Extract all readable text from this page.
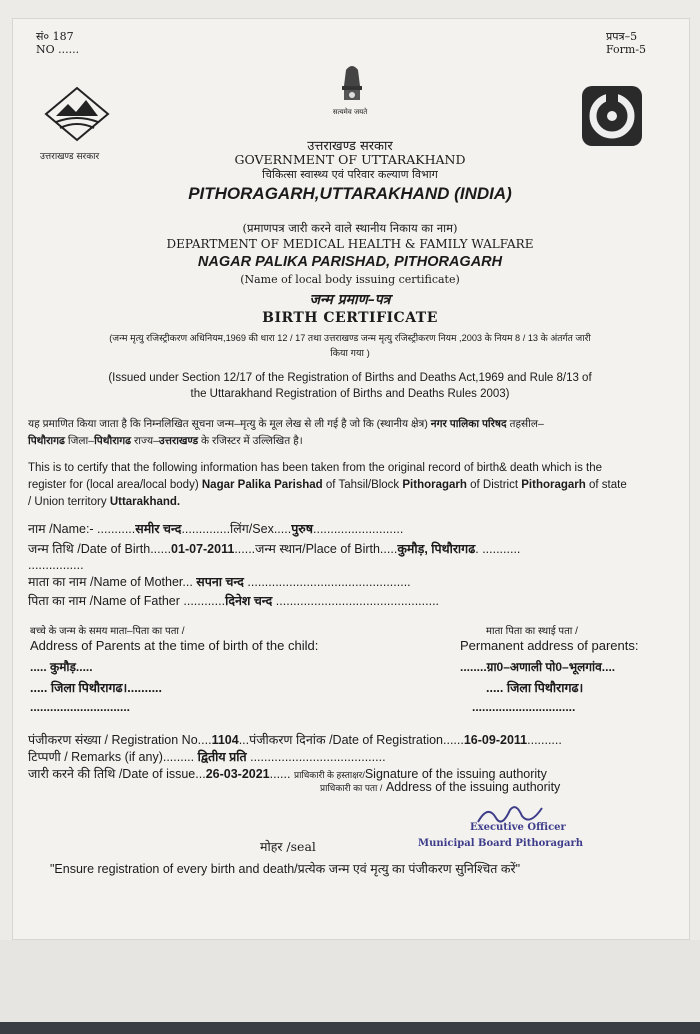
सं० 187
NO ......
प्रपत्र–5
Form-5
सत्यमेव जयते
उत्तराखण्ड सरकार
उत्तराखण्ड सरकार
GOVERNMENT OF UTTARAKHAND
चिकित्सा स्वास्थ्य एवं परिवार कल्याण विभाग
PITHORAGARH,UTTARAKHAND (INDIA)
(प्रमाणपत्र जारी करने वाले स्थानीय निकाय का नाम)
DEPARTMENT OF MEDICAL HEALTH & FAMILY WALFARE
NAGAR PALIKA PARISHAD, PITHORAGARH
(Name of local body issuing certificate)
जन्म प्रमाण–पत्र
BIRTH CERTIFICATE
(जन्म मृत्यु रजिस्ट्रीकरण अधिनियम,1969 की धारा 12 / 17 तथा उत्तराखण्ड जन्म मृत्यु रजिस्ट्रीकरण नियम ,2003 के नियम 8 / 13 के अंतर्गत जारी
किया गया )
(Issued under Section 12/17 of the Registration of Births and Deaths Act,1969 and Rule 8/13 of
the Uttarakhand Registration of Births and Deaths Rules 2003)
यह प्रमाणित किया जाता है कि निम्नलिखित सूचना जन्म–मृत्यु के मूल लेख से ली गई है जो कि (स्थानीय क्षेत्र) नगर पालिका परिषद तहसील–
पिथौरागढ जिला–पिथौरागढ राज्य–उत्तराखण्ड के रजिस्टर में उल्लिखित है।
This is to certify that the following information has been taken from the original record of birth& death which is the
register for (local area/local body) Nagar Palika Parishad of Tahsil/Block Pithoragarh of District Pithoragarh of state
/ Union territory Uttarakhand.
नाम /Name:- ...........समीर चन्द..............लिंग/Sex.....पुरुष..........................
जन्म तिथि /Date of Birth......01-07-2011......जन्म स्थान/Place of Birth.....कुमौड़, पिथौरागढ. ...........
................
माता का नाम /Name of Mother... सपना चन्द ...............................................
पिता का नाम /Name of Father ............दिनेश चन्द ...............................................
बच्चे के जन्म के समय माता–पिता का पता /
Address of Parents at the time of birth of the child:
..... कुमौड़.....
..... जिला पिथौरागढ।..........
..............................
माता पिता का स्थाई पता /
Permanent address of parents:
........ग्रा0–अणाली पो0–भूलगांव....
..... जिला पिथौरागढ।
...............................
पंजीकरण संख्या / Registration No....1104...पंजीकरण दिनांक /Date of Registration......16-09-2011..........
टिप्पणी / Remarks (if any)......... द्वितीय प्रति .......................................
जारी करने की तिथि /Date of issue...26-03-2021...... प्राधिकारी के हस्ताक्षर/Signature of the issuing authority
प्राधिकारी का पता / Address of the issuing authority
Executive Officer
Municipal Board Pithoragarh
मोहर /seal
"Ensure registration of every birth and death/प्रत्येक जन्म एवं मृत्यु का पंजीकरण सुनिश्चित करें"
